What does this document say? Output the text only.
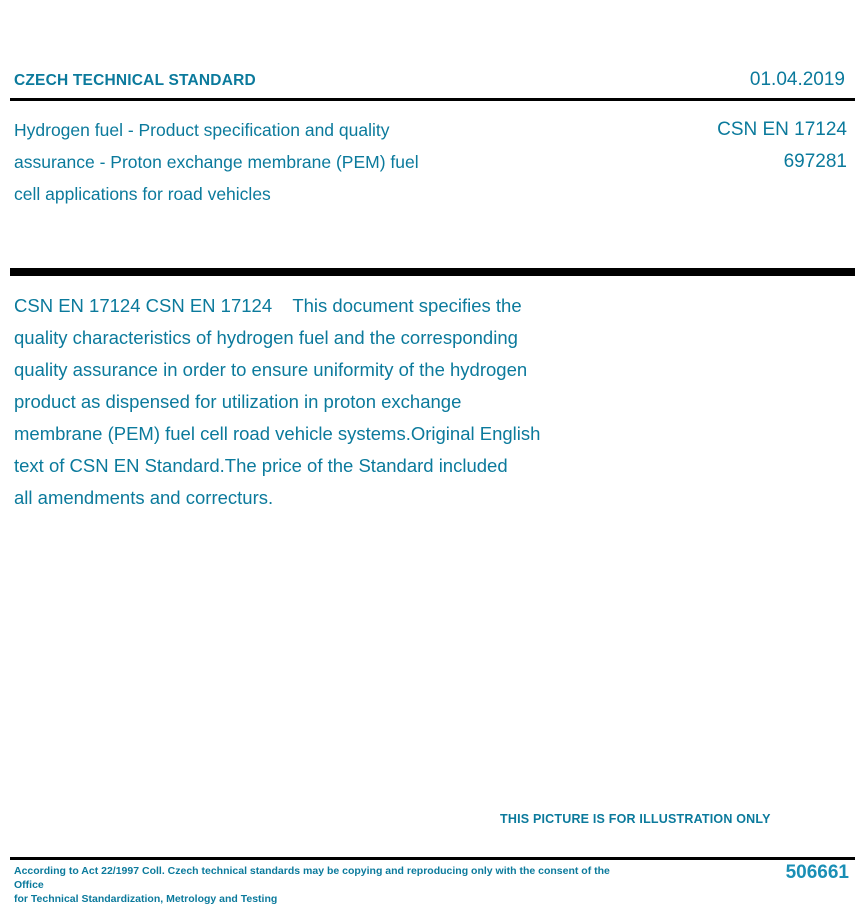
CZECH TECHNICAL STANDARD	01.04.2019
Hydrogen fuel - Product specification and quality
assurance - Proton exchange membrane (PEM) fuel
cell applications for road vehicles
CSN EN 17124
697281
CSN EN 17124 CSN EN 17124    This document specifies the
quality characteristics of hydrogen fuel and the corresponding
quality assurance in order to ensure uniformity of the hydrogen
product as dispensed for utilization in proton exchange
membrane (PEM) fuel cell road vehicle systems.Original English
text of CSN EN Standard.The price of the Standard included
all amendments and correcturs.
THIS PICTURE IS FOR ILLUSTRATION ONLY
According to Act 22/1997 Coll. Czech technical standards may be copying and reproducing only with the consent of the Office
for Technical Standardization, Metrology and Testing
506661
